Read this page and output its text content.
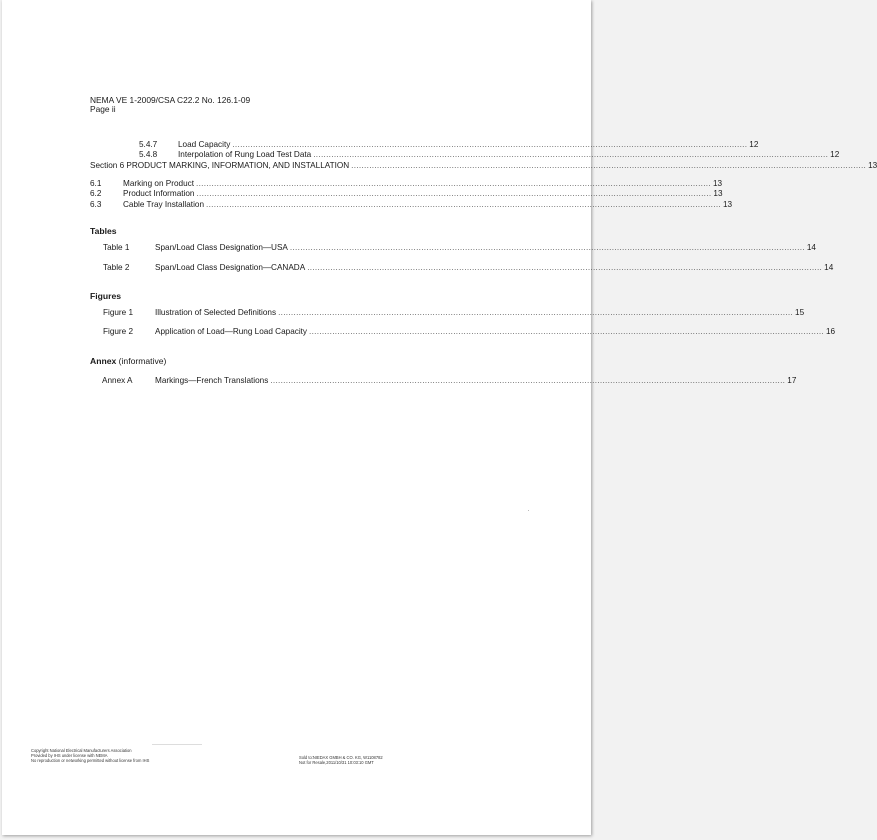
NEMA VE 1-2009/CSA C22.2 No. 126.1-09
Page ii
5.4.7	Load Capacity ........................................................................................................................................................................................................ 12
5.4.8	Interpolation of Rung Load Test Data ........................................................................................................................................................................................................ 12
Section 6 PRODUCT MARKING, INFORMATION, AND INSTALLATION ........................................................................................................................................................................................................ 13
6.1	Marking on Product ........................................................................................................................................................................................................ 13
6.2	Product Information ........................................................................................................................................................................................................ 13
6.3	Cable Tray Installation ........................................................................................................................................................................................................ 13
Tables
Table 1	Span/Load Class Designation—USA ........................................................................................................................................................................................................ 14
Table 2	Span/Load Class Designation—CANADA ........................................................................................................................................................................................................ 14
Figures
Figure 1	Illustration of Selected Definitions ........................................................................................................................................................................................................ 15
Figure 2	Application of Load—Rung Load Capacity ........................................................................................................................................................................................................ 16
Annex (informative)
Annex A	Markings—French Translations ........................................................................................................................................................................................................ 17
Copyright National Electrical Manufacturers Association
Provided by IHS under license with NEMA
No reproduction or networking permitted without license from IHS
Sold to:NIEDAX GMBH & CO. KG, W1108782
Not for Resale,2011/10/31 10:03:10 GMT
